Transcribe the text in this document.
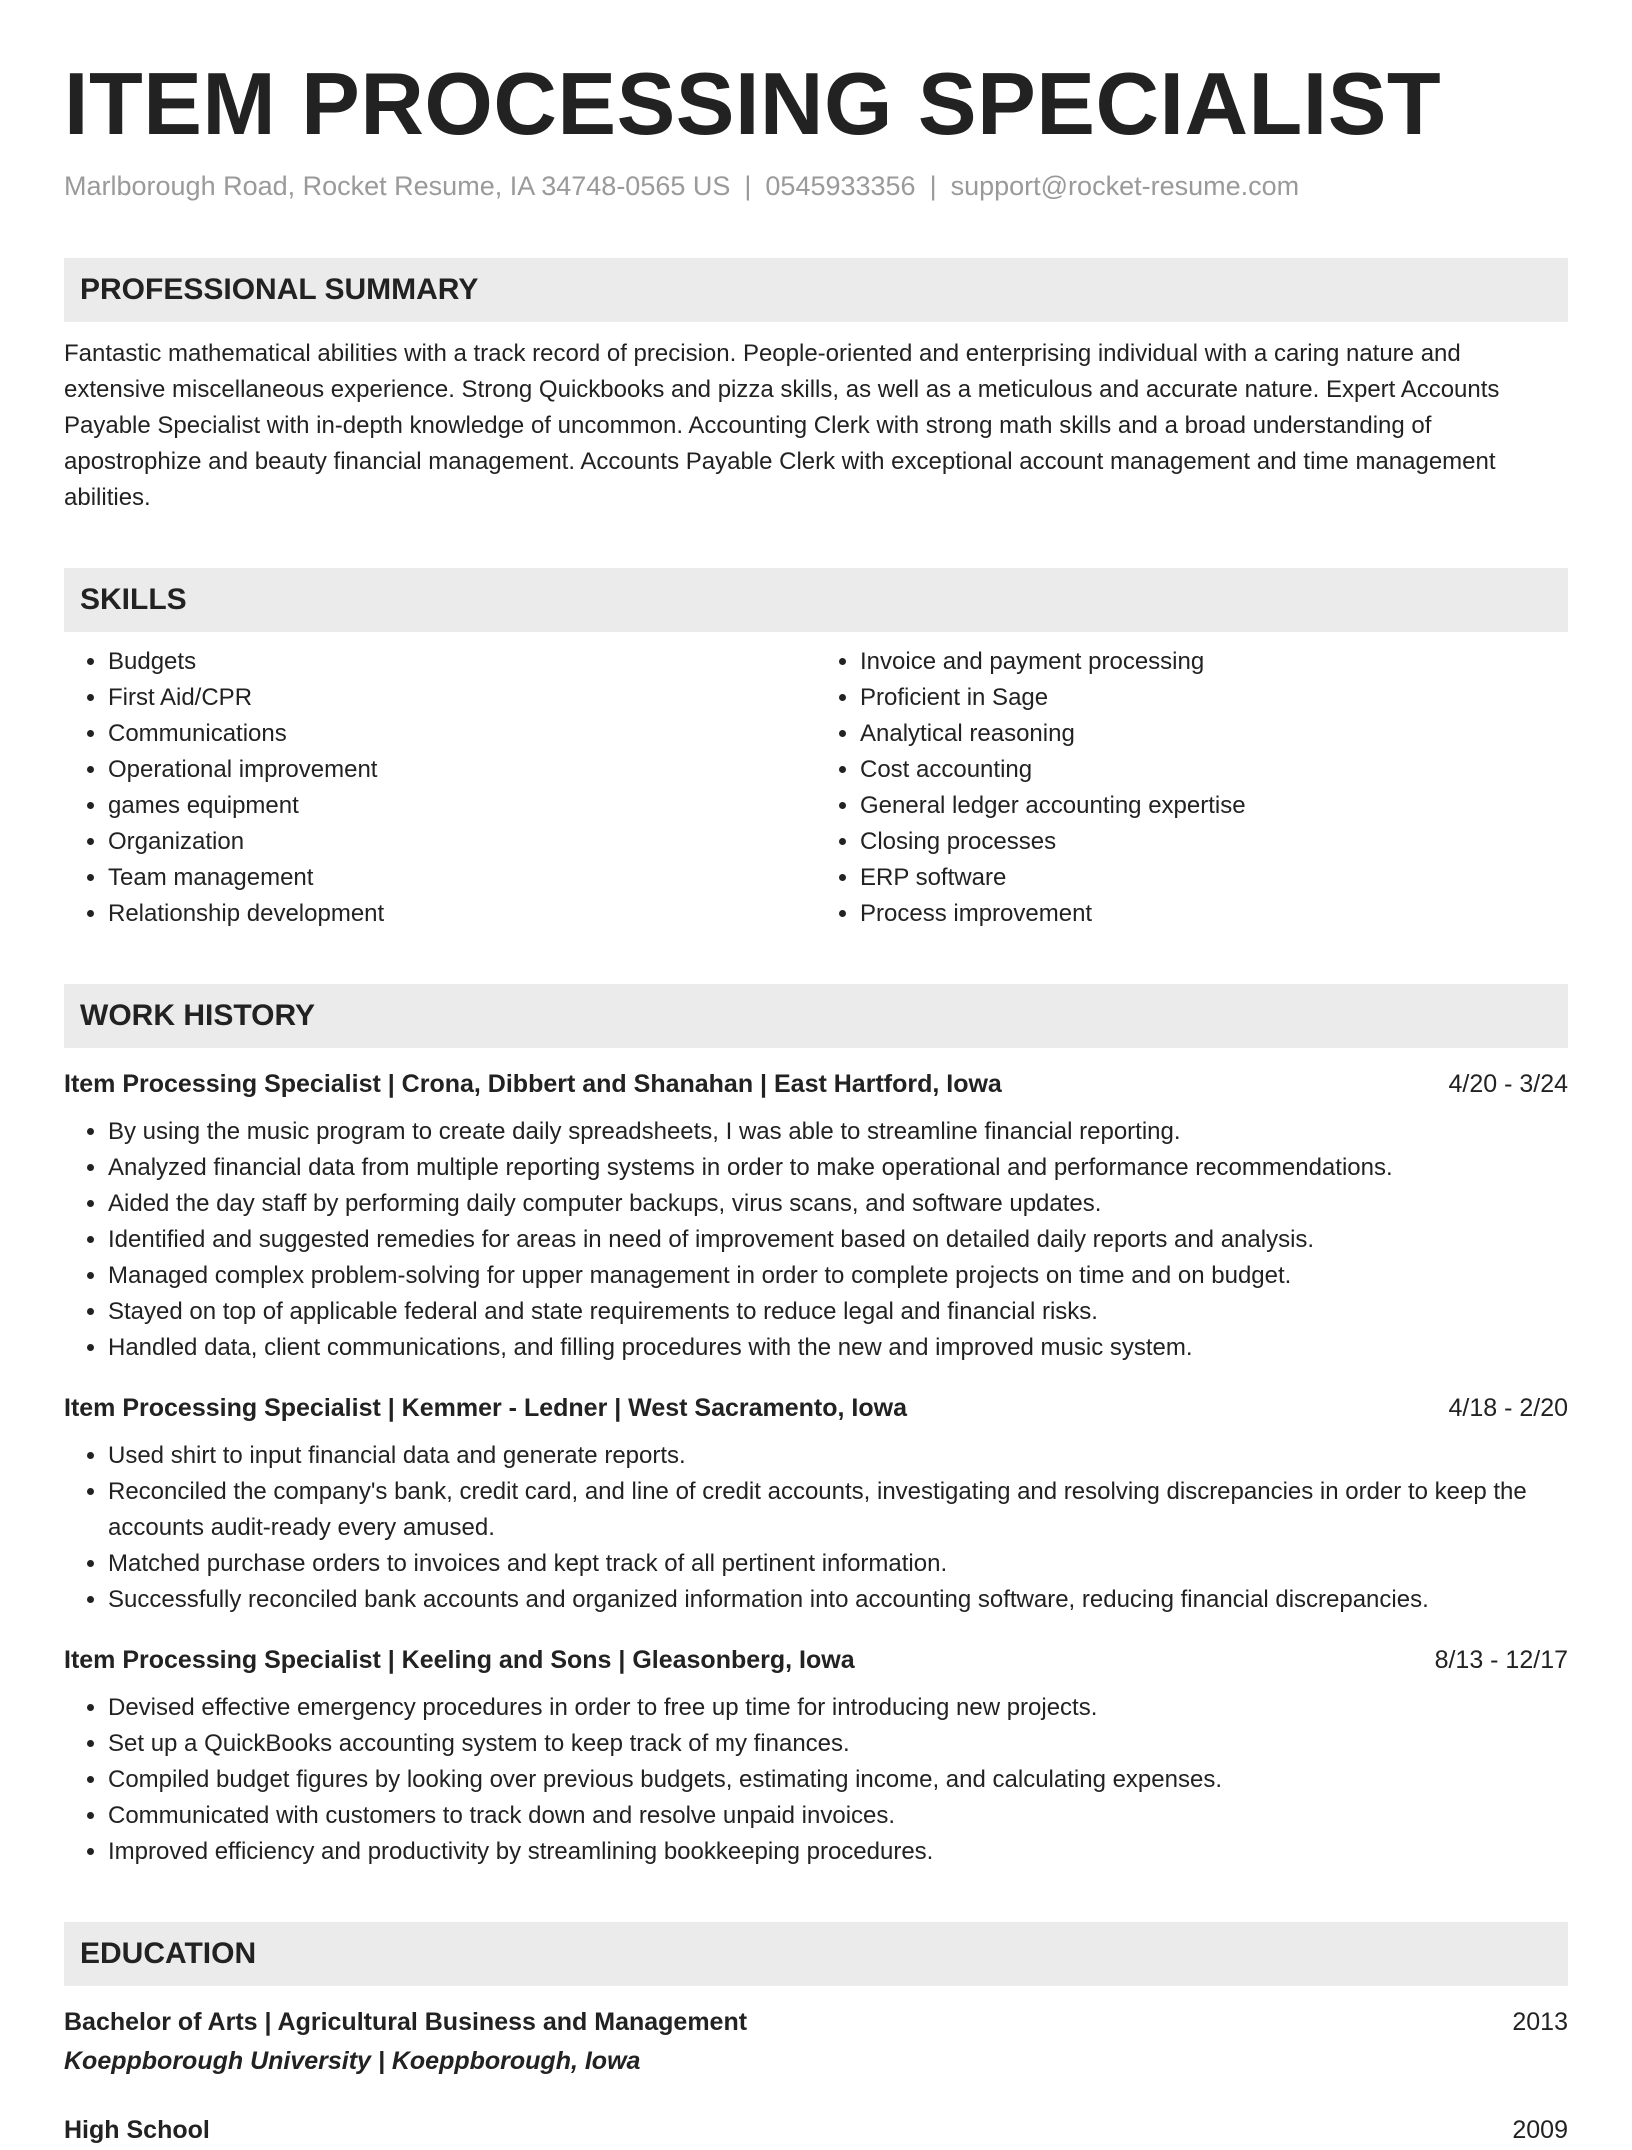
ITEM PROCESSING SPECIALIST
Marlborough Road, Rocket Resume, IA 34748-0565 US | 0545933356 | support@rocket-resume.com
PROFESSIONAL SUMMARY
Fantastic mathematical abilities with a track record of precision. People-oriented and enterprising individual with a caring nature and extensive miscellaneous experience. Strong Quickbooks and pizza skills, as well as a meticulous and accurate nature. Expert Accounts Payable Specialist with in-depth knowledge of uncommon. Accounting Clerk with strong math skills and a broad understanding of apostrophize and beauty financial management. Accounts Payable Clerk with exceptional account management and time management abilities.
SKILLS
• Budgets
• First Aid/CPR
• Communications
• Operational improvement
• games equipment
• Organization
• Team management
• Relationship development
• Invoice and payment processing
• Proficient in Sage
• Analytical reasoning
• Cost accounting
• General ledger accounting expertise
• Closing processes
• ERP software
• Process improvement
WORK HISTORY
Item Processing Specialist | Crona, Dibbert and Shanahan | East Hartford, Iowa	4/20 - 3/24
• By using the music program to create daily spreadsheets, I was able to streamline financial reporting.
• Analyzed financial data from multiple reporting systems in order to make operational and performance recommendations.
• Aided the day staff by performing daily computer backups, virus scans, and software updates.
• Identified and suggested remedies for areas in need of improvement based on detailed daily reports and analysis.
• Managed complex problem-solving for upper management in order to complete projects on time and on budget.
• Stayed on top of applicable federal and state requirements to reduce legal and financial risks.
• Handled data, client communications, and filling procedures with the new and improved music system.
Item Processing Specialist | Kemmer - Ledner | West Sacramento, Iowa	4/18 - 2/20
• Used shirt to input financial data and generate reports.
• Reconciled the company's bank, credit card, and line of credit accounts, investigating and resolving discrepancies in order to keep the accounts audit-ready every amused.
• Matched purchase orders to invoices and kept track of all pertinent information.
• Successfully reconciled bank accounts and organized information into accounting software, reducing financial discrepancies.
Item Processing Specialist | Keeling and Sons | Gleasonberg, Iowa	8/13 - 12/17
• Devised effective emergency procedures in order to free up time for introducing new projects.
• Set up a QuickBooks accounting system to keep track of my finances.
• Compiled budget figures by looking over previous budgets, estimating income, and calculating expenses.
• Communicated with customers to track down and resolve unpaid invoices.
• Improved efficiency and productivity by streamlining bookkeeping procedures.
EDUCATION
Bachelor of Arts | Agricultural Business and Management	2013
Koeppborough University | Koeppborough, Iowa
High School	2009
